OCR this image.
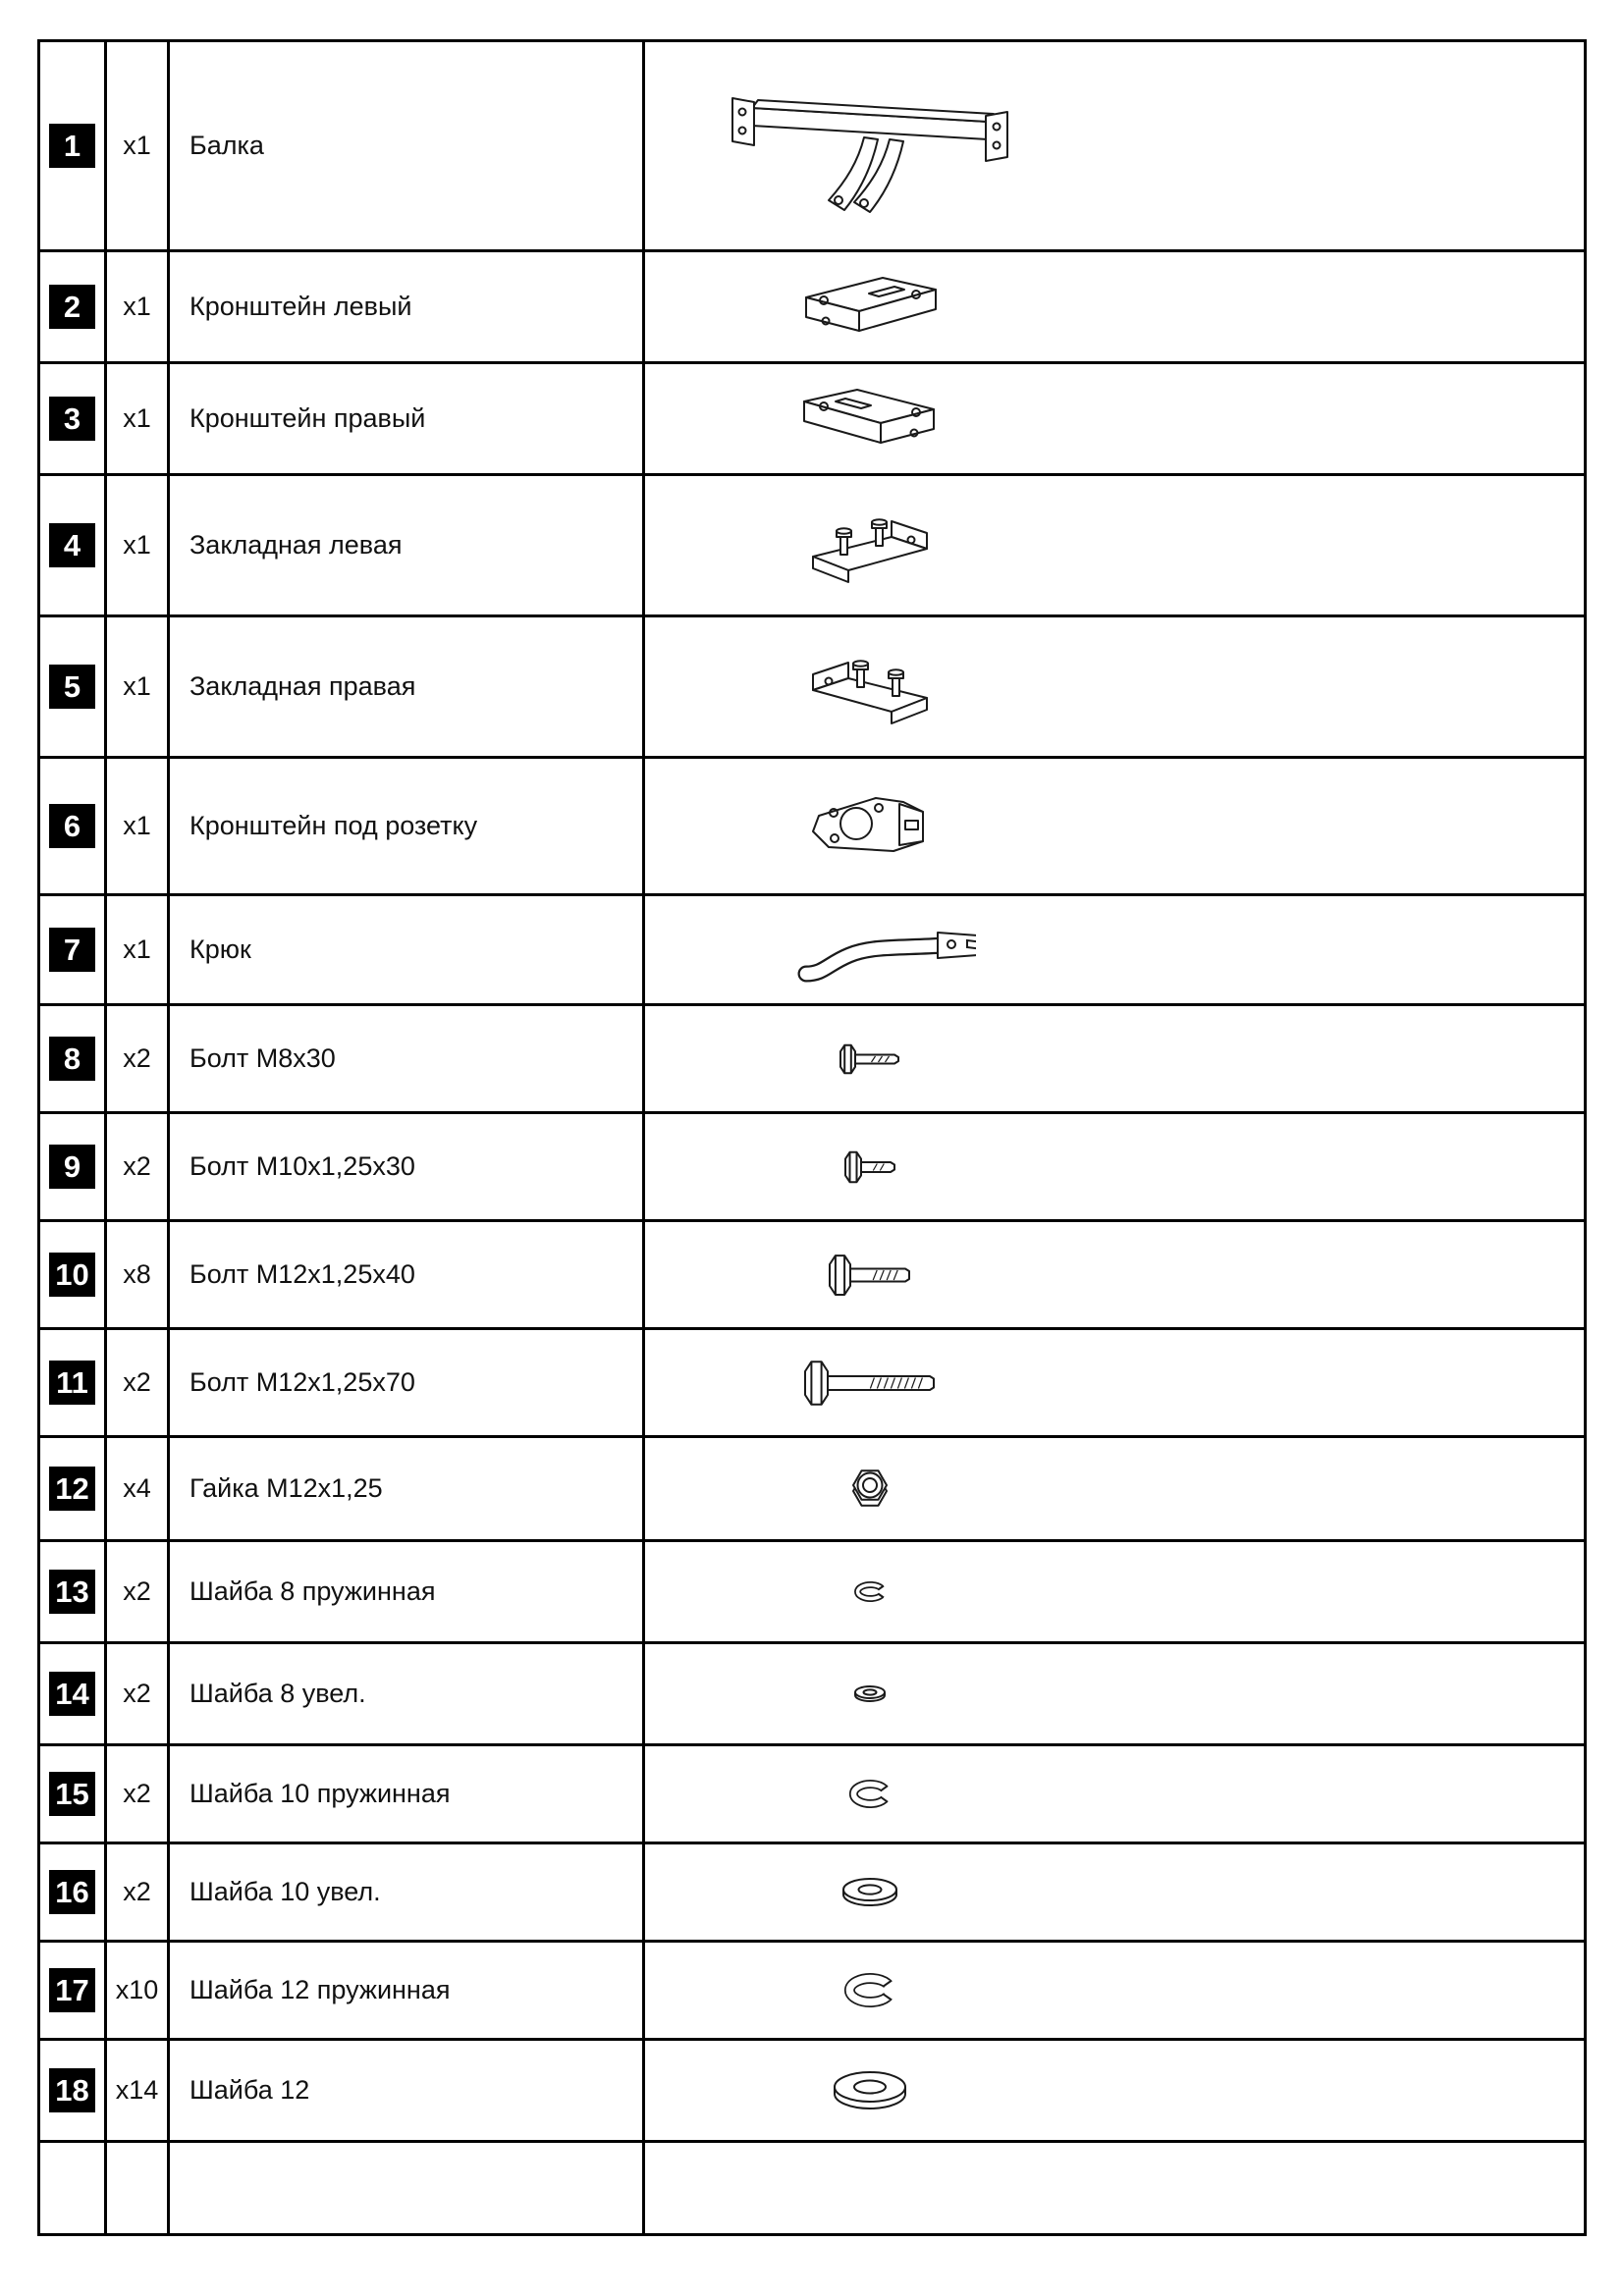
1	x1 Балка
2	x1 Кронштейн левый
3	x1 Кронштейн правый
4	x1 Закладная левая
5	x1 Закладная правая
6	x1 Кронштейн под розетку
7	x1 Крюк
8	x2 Болт М8х30
9	x2 Болт М10х1,25х30
10 x8 Болт М12х1,25х40
11 x2 Болт М12х1,25х70
12 x4 Гайка М12х1,25
13 x2 Шайба 8 пружинная
14 x2 Шайба 8 увел.
15 x2 Шайба 10 пружинная
16 x2 Шайба 10 увел.
17 x10 Шайба 12 пружинная
18 x14 Шайба 12
